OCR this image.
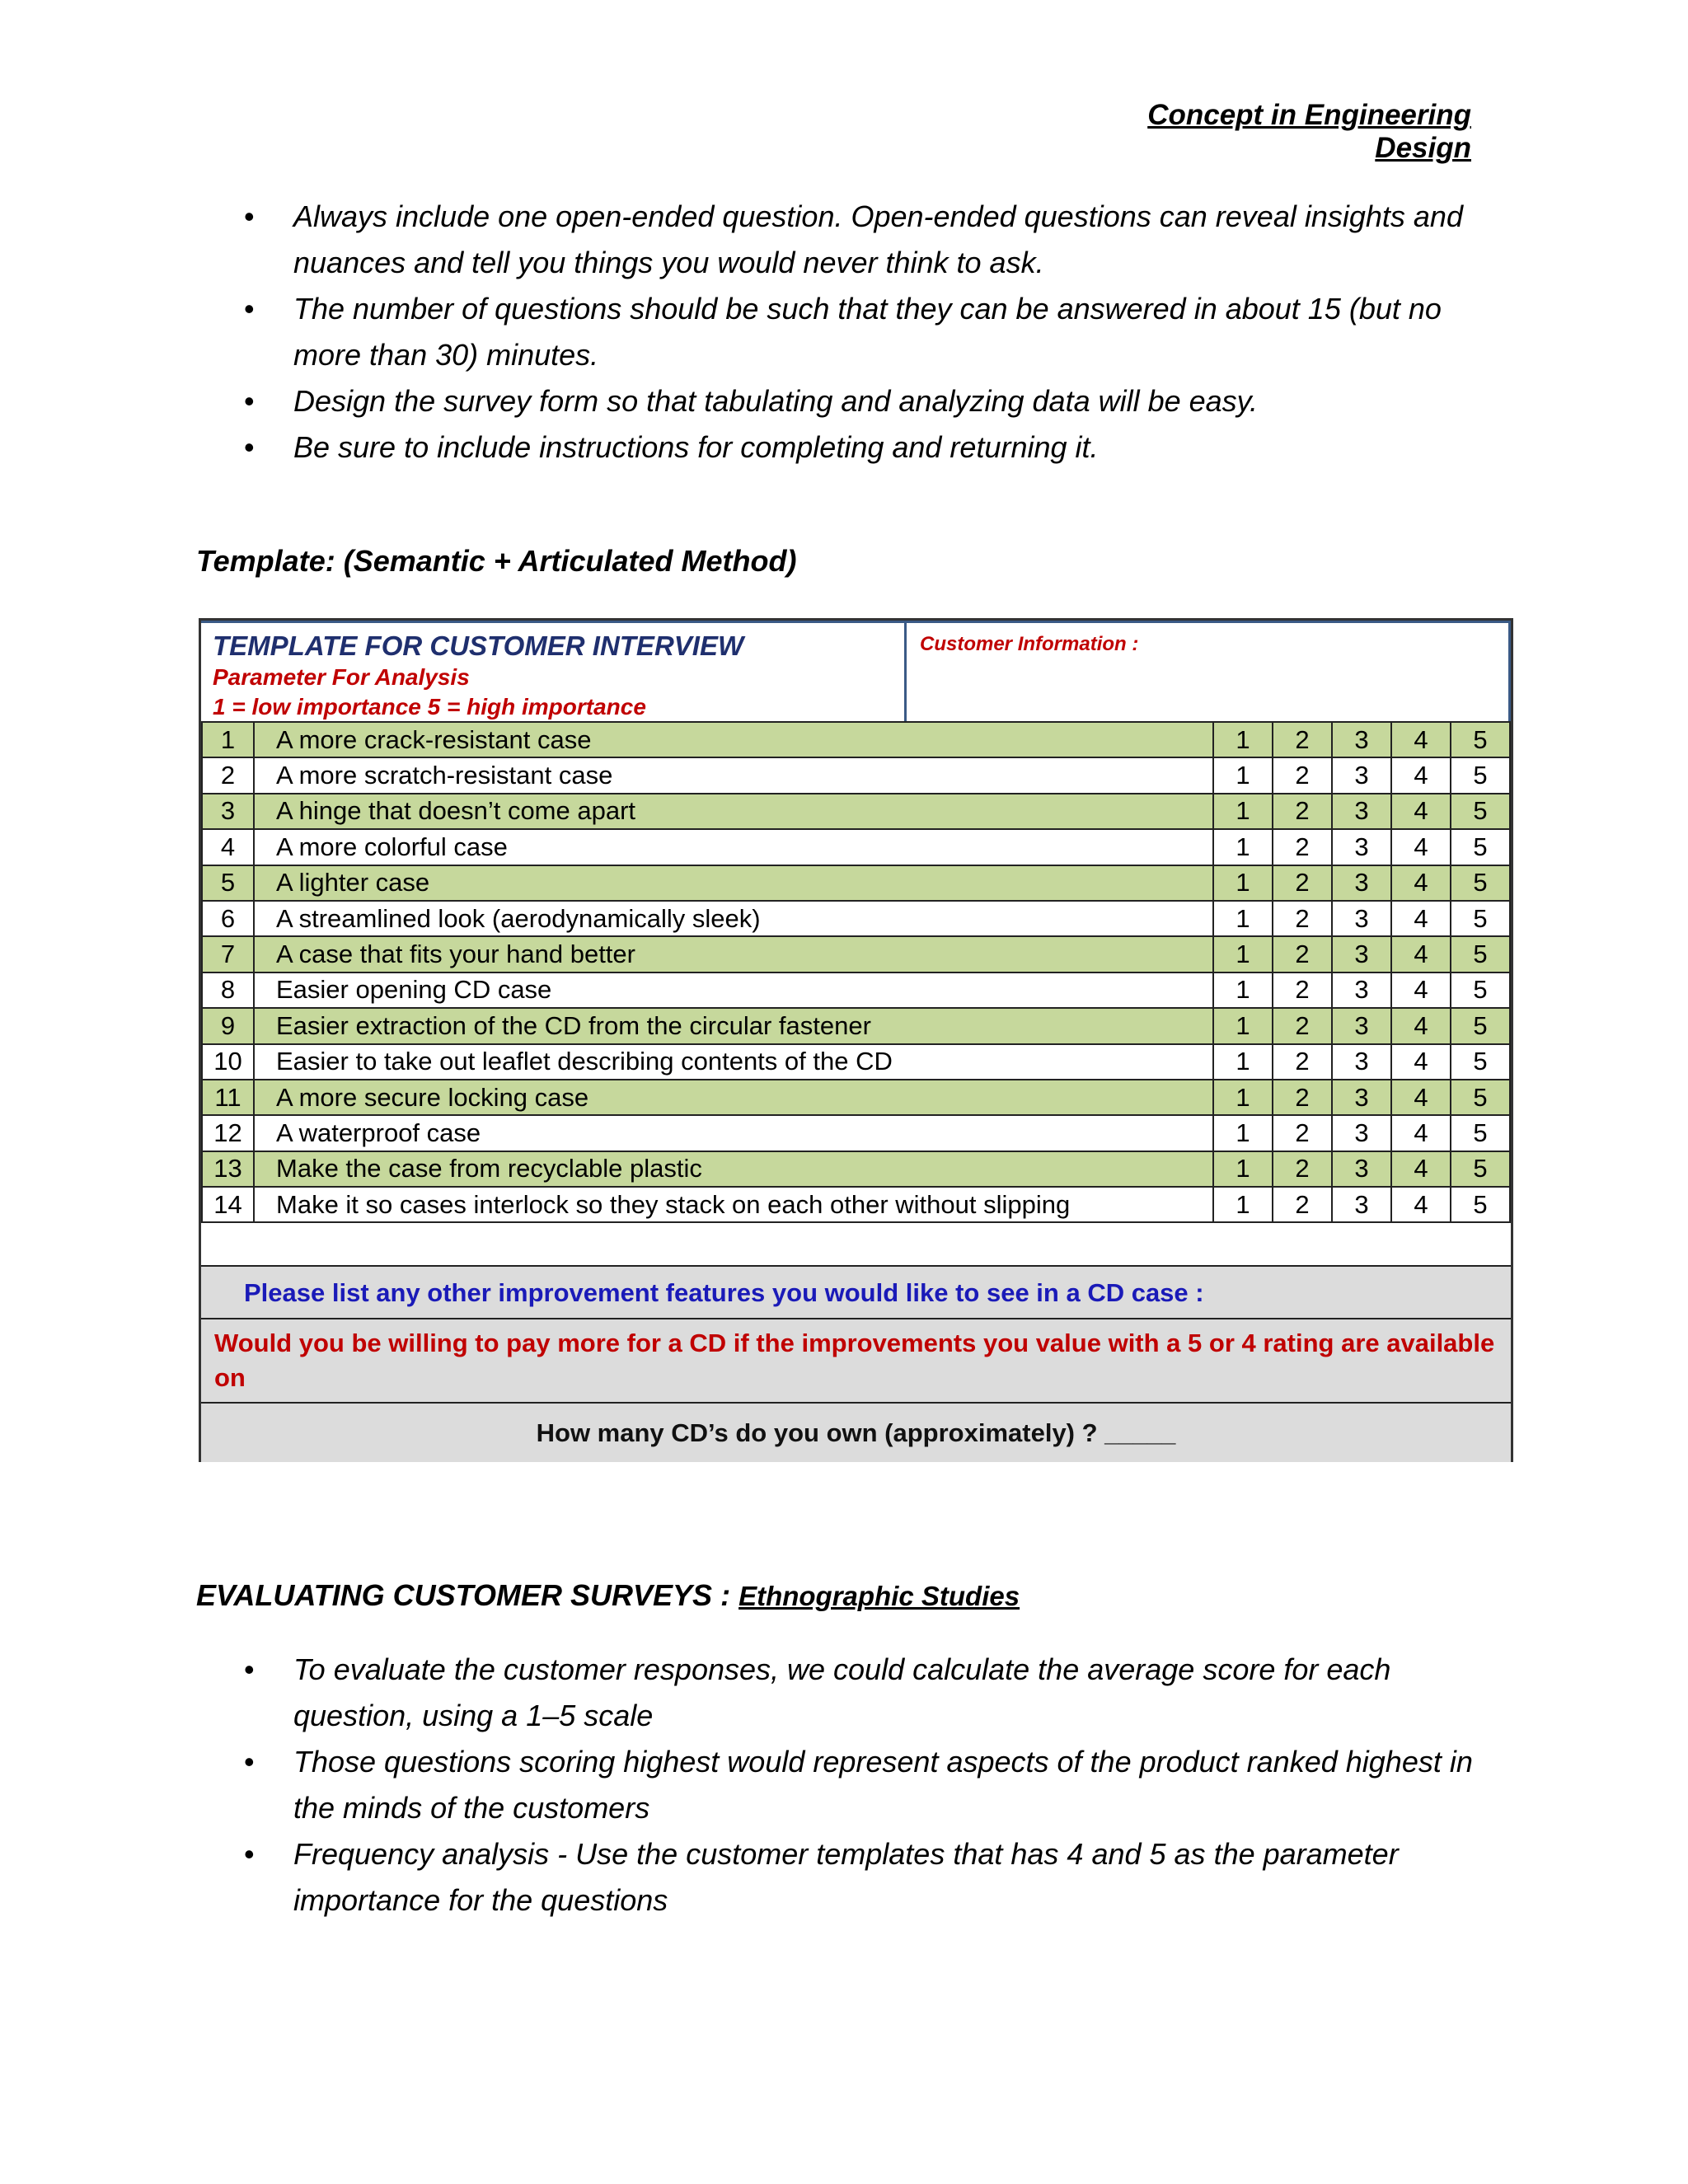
Concept in Engineering Design
• Always include one open-ended question. Open-ended questions can reveal insights and nuances and tell you things you would never think to ask.
• The number of questions should be such that they can be answered in about 15 (but no more than 30) minutes.
• Design the survey form so that tabulating and analyzing data will be easy.
• Be sure to include instructions for completing and returning it.
Template: (Semantic + Articulated Method)
TEMPLATE FOR CUSTOMER INTERVIEW
Parameter For Analysis
1 = low importance 5 = high importance
Customer Information :
1	A more crack-resistant case	1	2	3	4	5
2	A more scratch-resistant case	1	2	3	4	5
3	A hinge that doesn’t come apart	1	2	3	4	5
4	A more colorful case	1	2	3	4	5
5	A lighter case	1	2	3	4	5
6	A streamlined look (aerodynamically sleek)	1	2	3	4	5
7	A case that fits your hand better	1	2	3	4	5
8	Easier opening CD case	1	2	3	4	5
9	Easier extraction of the CD from the circular fastener	1	2	3	4	5
10	Easier to take out leaflet describing contents of the CD	1	2	3	4	5
11	A more secure locking case	1	2	3	4	5
12	A waterproof case	1	2	3	4	5
13	Make the case from recyclable plastic	1	2	3	4	5
14	Make it so cases interlock so they stack on each other without slipping	1	2	3	4	5
Please list any other improvement features you would like to see in a CD case :
Would you be willing to pay more for a CD if the improvements you value with a 5 or 4 rating are available on
How many CD’s do you own (approximately) ? _____
EVALUATING CUSTOMER SURVEYS : Ethnographic Studies
• To evaluate the customer responses, we could calculate the average score for each question, using a 1–5 scale
• Those questions scoring highest would represent aspects of the product ranked highest in the minds of the customers
• Frequency analysis - Use the customer templates that has 4 and 5 as the parameter importance for the questions
